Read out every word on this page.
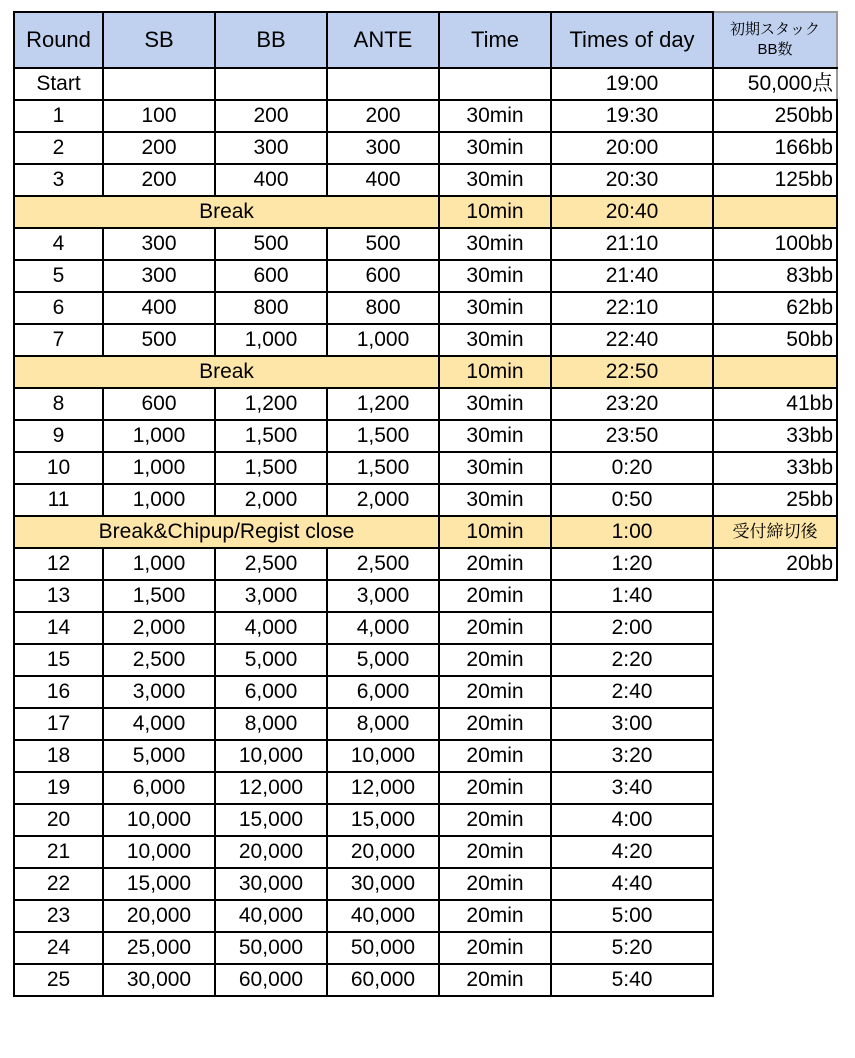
Round	SB	BB	ANTE	Time	Times of day	初期スタック
BB数

Start					19:00	50,000点
1	100	200	200	30min	19:30	250bb
2	200	300	300	30min	20:00	166bb
3	200	400	400	30min	20:30	125bb
Break				10min	20:40	
4	300	500	500	30min	21:10	100bb
5	300	600	600	30min	21:40	83bb
6	400	800	800	30min	22:10	62bb
7	500	1,000	1,000	30min	22:40	50bb
Break				10min	22:50	
8	600	1,200	1,200	30min	23:20	41bb
9	1,000	1,500	1,500	30min	23:50	33bb
10	1,000	1,500	1,500	30min	0:20	33bb
11	1,000	2,000	2,000	30min	0:50	25bb
Break&Chipup/Regist close				10min	1:00	受付締切後
12	1,000	2,500	2,500	20min	1:20	20bb
13	1,500	3,000	3,000	20min	1:40	
14	2,000	4,000	4,000	20min	2:00	
15	2,500	5,000	5,000	20min	2:20	
16	3,000	6,000	6,000	20min	2:40	
17	4,000	8,000	8,000	20min	3:00	
18	5,000	10,000	10,000	20min	3:20	
19	6,000	12,000	12,000	20min	3:40	
20	10,000	15,000	15,000	20min	4:00	
21	10,000	20,000	20,000	20min	4:20	
22	15,000	30,000	30,000	20min	4:40	
23	20,000	40,000	40,000	20min	5:00	
24	25,000	50,000	50,000	20min	5:20	
25	30,000	60,000	60,000	20min	5:40	
